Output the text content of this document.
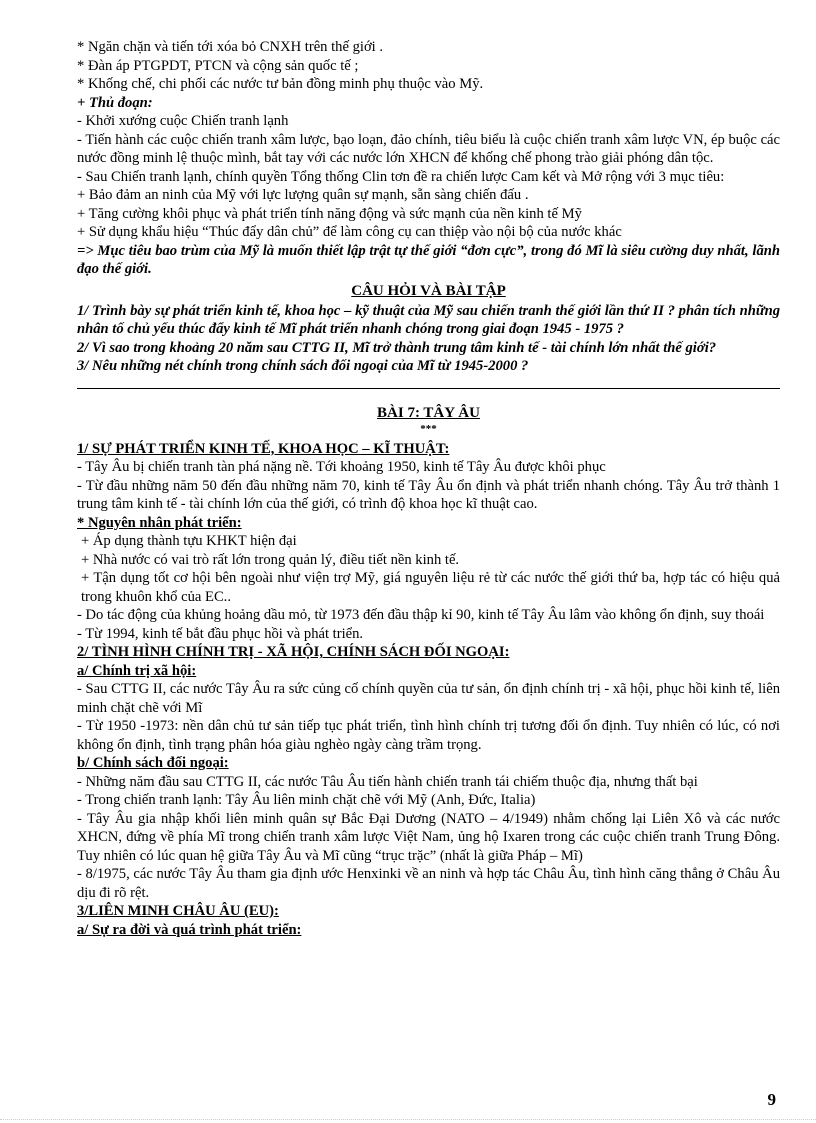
* Ngăn chặn và tiến tới xóa bỏ CNXH trên thế giới .

* Đàn áp PTGPDT, PTCN và cộng sản quốc tế ;

* Khống chế, chi phối các nước tư bản đồng minh phụ thuộc vào Mỹ.

+ Thủ đoạn:

- Khởi xướng cuộc Chiến tranh lạnh

- Tiến hành các cuộc chiến tranh xâm lược, bạo loạn, đảo chính, tiêu biểu là cuộc chiến tranh xâm lược VN, ép buộc các nước đồng minh lệ thuộc mình, bắt tay với các nước lớn XHCN để khống chế phong trào giải phóng dân tộc.

- Sau Chiến tranh lạnh, chính quyền Tổng thống Clin tơn đề ra chiến lược Cam kết và Mở rộng với 3 mục tiêu:

+ Bảo đảm an ninh của Mỹ với lực lượng quân sự mạnh, sẵn sàng chiến đấu .

+ Tăng cường khôi phục và phát triển tính năng động và sức mạnh của nền kinh tế Mỹ

+ Sử dụng khẩu hiệu “Thúc đẩy dân chủ” để làm công cụ can thiệp vào nội bộ của nước khác

=> Mục tiêu bao trùm của Mỹ là muốn thiết lập trật tự thế giới “đơn cực”, trong đó Mĩ là siêu cường duy nhất, lãnh đạo thế giới.

CÂU HỎI VÀ BÀI TẬP

1/ Trình bày sự phát triển kinh tế, khoa học – kỹ thuật của Mỹ sau chiến tranh thế giới lần thứ II ? phân tích những nhân tố chủ yếu thúc đẩy kinh tế Mĩ phát triển nhanh chóng trong giai đoạn 1945 - 1975 ?

2/ Vì sao trong khoảng 20 năm sau CTTG II, Mĩ trở thành trung tâm kinh tế - tài chính lớn nhất thế giới?

3/ Nêu những nét chính trong chính sách đối ngoại của Mĩ từ 1945-2000 ?

BÀI 7: TÂY ÂU
***

1/ SỰ PHÁT TRIỂN KINH TẾ, KHOA HỌC – KĨ THUẬT:

- Tây Âu bị chiến tranh tàn phá nặng nề. Tới khoảng 1950, kinh tế Tây Âu được khôi phục

- Từ đầu những năm 50 đến đầu những năm 70, kinh tế Tây Âu ổn định và phát triển nhanh chóng. Tây Âu trở thành 1 trung tâm kinh tế - tài chính lớn của thế giới, có trình độ khoa học kĩ thuật cao.

* Nguyên nhân phát triển:

+ Áp dụng thành tựu KHKT hiện đại

+ Nhà nước có vai trò rất lớn trong quản lý, điều tiết nền kinh tế.

+ Tận dụng tốt cơ hội bên ngoài như viện trợ Mỹ, giá nguyên liệu rẻ từ các nước thế giới thứ ba, hợp tác có hiệu quả trong khuôn khổ của EC..

- Do tác động của khủng hoảng dầu mỏ, từ 1973 đến đầu thập kỉ 90, kinh tế Tây Âu lâm vào không ổn định, suy thoái

- Từ 1994, kinh tế bắt đầu phục hồi và phát triển.

2/ TÌNH HÌNH CHÍNH TRỊ - XÃ HỘI, CHÍNH SÁCH ĐỐI NGOẠI:

a/ Chính trị xã hội:

- Sau CTTG II, các nước Tây Âu ra sức củng cố chính quyền của tư sản, ổn định chính trị - xã hội, phục hồi kinh tế, liên minh chặt chẽ với Mĩ

- Từ 1950 -1973: nền dân chủ tư sản tiếp tục phát triển, tình hình chính trị tương đối ổn định. Tuy nhiên có lúc, có nơi không ổn định, tình trạng phân hóa giàu nghèo ngày càng trầm trọng.

b/ Chính sách đối ngoại:

- Những năm đầu sau CTTG II, các nước Tâu Âu tiến hành chiến tranh tái chiếm thuộc địa, nhưng thất bại

- Trong chiến tranh lạnh: Tây Âu liên minh chặt chẽ với Mỹ (Anh, Đức, Italia)

- Tây Âu gia nhập khối liên minh quân sự Bắc Đại Dương (NATO – 4/1949) nhằm chống lại Liên Xô và các nước XHCN, đứng về phía Mĩ trong chiến tranh xâm lược Việt Nam, ủng hộ Ixaren trong các cuộc chiến tranh Trung Đông. Tuy nhiên có lúc quan hệ giữa Tây Âu và Mĩ cũng “trục trặc” (nhất là giữa Pháp – Mĩ)

- 8/1975, các nước Tây Âu tham gia định ước Henxinki về an ninh và hợp tác Châu Âu, tình hình căng thẳng ở Châu Âu dịu đi rõ rệt.

3/LIÊN MINH CHÂU ÂU (EU):

a/ Sự ra đời và quá trình phát triển:

9
